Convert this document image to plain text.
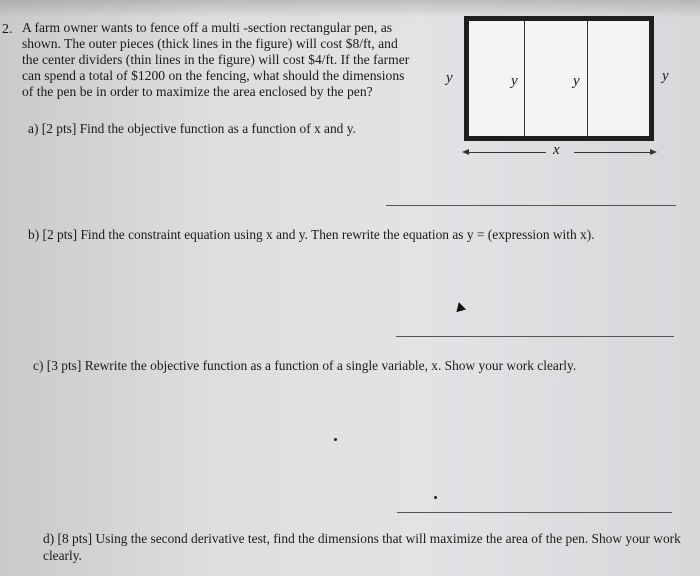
2. A farm owner wants to fence off a multi -section rectangular pen, as
shown. The outer pieces (thick lines in the figure) will cost $8/ft, and
the center dividers (thin lines in the figure) will cost $4/ft. If the farmer
can spend a total of $1200 on the fencing, what should the dimensions
of the pen be in order to maximize the area enclosed by the pen?
a) [2 pts] Find the objective function as a function of x and y.
y	y	y	y
x
b) [2 pts] Find the constraint equation using x and y. Then rewrite the equation as y = (expression with x).
c) [3 pts] Rewrite the objective function as a function of a single variable, x. Show your work clearly.
d) [8 pts] Using the second derivative test, find the dimensions that will maximize the area of the pen. Show your work clearly.
